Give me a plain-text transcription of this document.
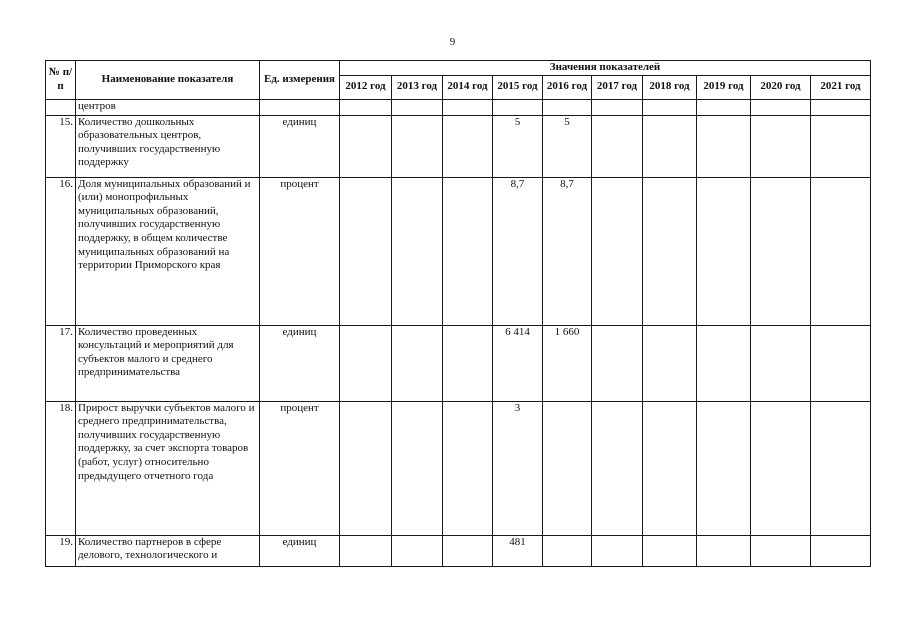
9
№ п/п	Наименование показателя	Ед. измерения	Значения показателей									
			2012 год	2013 год	2014 год	2015 год	2016 год	2017 год	2018 год	2019 год	2020 год	2021 год
	центров											
15.	Количество дошкольных образовательных центров, получивших государственную поддержку	единиц				5	5					
16.	Доля муниципальных образований и (или) монопрофильных муниципальных образований, получивших государственную поддержку, в общем количестве муниципальных образований на территории Приморского края	процент				8,7	8,7					
17.	Количество проведенных консультаций и мероприятий для субъектов малого и среднего предпринимательства	единиц				6 414	1 660					
18.	Прирост выручки субъектов малого и среднего предпринимательства, получивших государственную поддержку, за счет экспорта товаров (работ, услуг) относительно предыдущего отчетного года	процент				3						
19.	Количество партнеров в сфере делового, технологического и	единиц				481						
